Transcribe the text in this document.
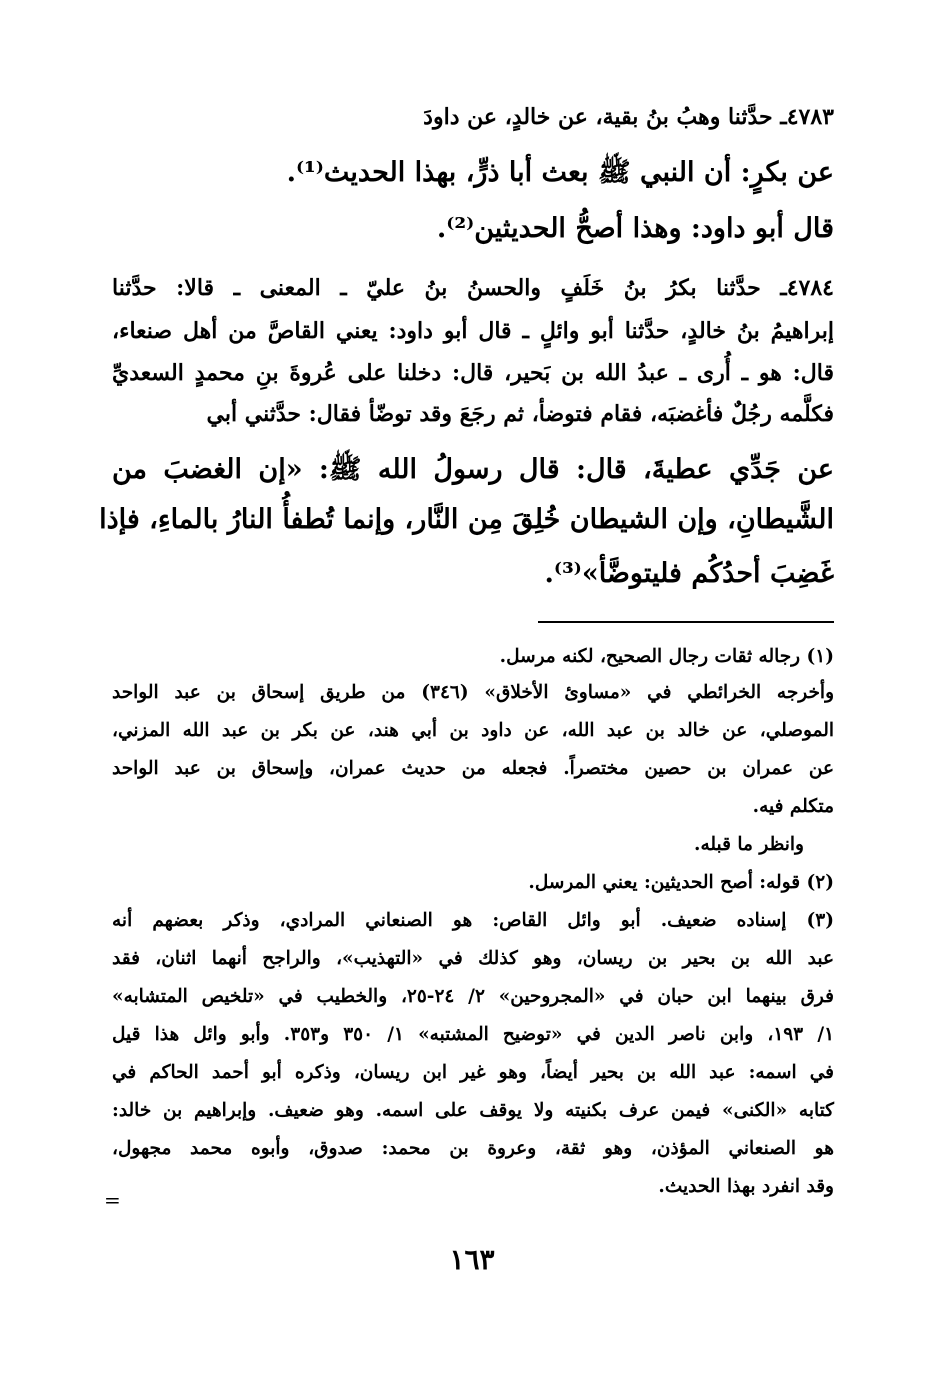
٤٧٨٣ـ حدَّثنا وهبُ بنُ بقية، عن خالدٍ، عن داودَ
عن بكرٍ: أن النبي ﷺ بعث أبا ذرٍّ، بهذا الحديث⁽¹⁾.
قال أبو داود: وهذا أصحُّ الحديثين⁽²⁾.
٤٧٨٤ـ حدَّثنا بكرُ بنُ خَلَفٍ والحسنُ بنُ عليّ ـ المعنى ـ قالا: حدَّثنا
إبراهيمُ بنُ خالدٍ، حدَّثنا أبو وائلٍ ـ قال أبو داود: يعني القاصَّ من أهل صنعاء،
قال: هو ـ أُرى ـ عبدُ الله بن بَحير، قال: دخلنا على عُروةَ بنِ محمدٍ السعديِّ
فكلَّمه رجُلٌ فأغضبَه، فقام فتوضأ، ثم رجَعَ وقد توضّأ فقال: حدَّثني أبي
عن جَدِّي عطيةَ، قال: قال رسولُ الله ﷺ: «إن الغضبَ من
الشَّيطانِ، وإن الشيطان خُلِقَ مِن النَّار، وإنما تُطفأُ النارُ بالماءِ، فإذا
غَضِبَ أحدُكُم فليتوضَّأ»⁽³⁾.
(١) رجاله ثقات رجال الصحيح، لكنه مرسل.
وأخرجه الخرائطي في «مساوئ الأخلاق» (٣٤٦) من طريق إسحاق بن عبد الواحد
الموصلي، عن خالد بن عبد الله، عن داود بن أبي هند، عن بكر بن عبد الله المزني،
عن عمران بن حصين مختصراً. فجعله من حديث عمران، وإسحاق بن عبد الواحد
متكلم فيه.
وانظر ما قبله.
(٢) قوله: أصح الحديثين: يعني المرسل.
(٣) إسناده ضعيف. أبو وائل القاص: هو الصنعاني المرادي، وذكر بعضهم أنه
عبد الله بن بحير بن ريسان، وهو كذلك في «التهذيب»، والراجح أنهما اثنان، فقد
فرق بينهما ابن حبان في «المجروحين» ٢/ ٢٤-٢٥، والخطيب في «تلخيص المتشابه»
١/ ١٩٣، وابن ناصر الدين في «توضيح المشتبه» ١/ ٣٥٠ و٣٥٣. وأبو وائل هذا قيل
في اسمه: عبد الله بن بحير أيضاً، وهو غير ابن ريسان، وذكره أبو أحمد الحاكم في
كتابه «الكنى» فيمن عرف بكنيته ولا يوقف على اسمه. وهو ضعيف. وإبراهيم بن خالد:
هو الصنعاني المؤذن، وهو ثقة، وعروة بن محمد: صدوق، وأبوه محمد مجهول،
وقد انفرد بهذا الحديث.
=
١٦٣
